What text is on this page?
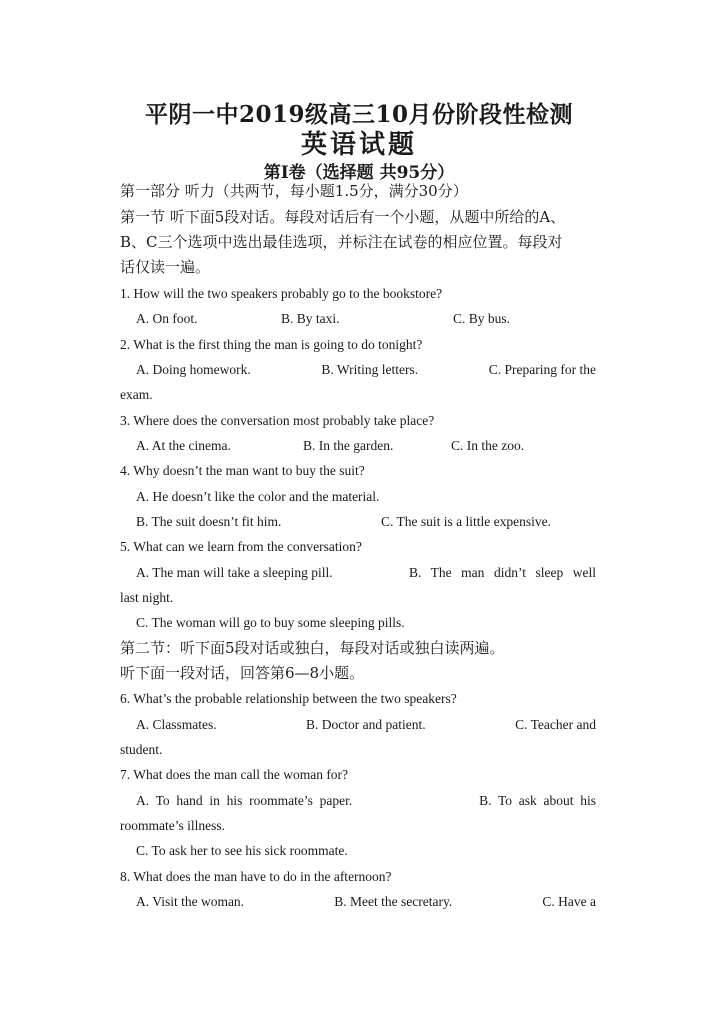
平阴一中2019级高三10月份阶段性检测
英语试题
第Ⅰ卷（选择题 共95分）
第一部分 听力（共两节，每小题1.5分，满分30分）
第一节 听下面5段对话。每段对话后有一个小题，从题中所给的A、
B、C三个选项中选出最佳选项，并标注在试卷的相应位置。每段对
话仅读一遍。
1. How will the two speakers probably go to the bookstore?
A. On foot.	B. By taxi.	C. By bus.
2. What is the first thing the man is going to do tonight?
A. Doing homework.	B. Writing letters.	C. Preparing for the
exam.
3. Where does the conversation most probably take place?
A. At the cinema.	B. In the garden.	C. In the zoo.
4. Why doesn’t the man want to buy the suit?
A. He doesn’t like the color and the material.
B. The suit doesn’t fit him.	C. The suit is a little expensive.
5. What can we learn from the conversation?
A. The man will take a sleeping pill.	B. The man didn’t sleep well
last night.
C. The woman will go to buy some sleeping pills.
第二节：听下面5段对话或独白，每段对话或独白读两遍。
听下面一段对话，回答第6—8小题。
6. What’s the probable relationship between the two speakers?
A. Classmates.	B. Doctor and patient.	C. Teacher and
student.
7. What does the man call the woman for?
A.  To  hand  in  his  roommate’s  paper.	B.  To  ask  about  his
roommate’s illness.
C. To ask her to see his sick roommate.
8. What does the man have to do in the afternoon?
A. Visit the woman.	B. Meet the secretary.	C. Have a
